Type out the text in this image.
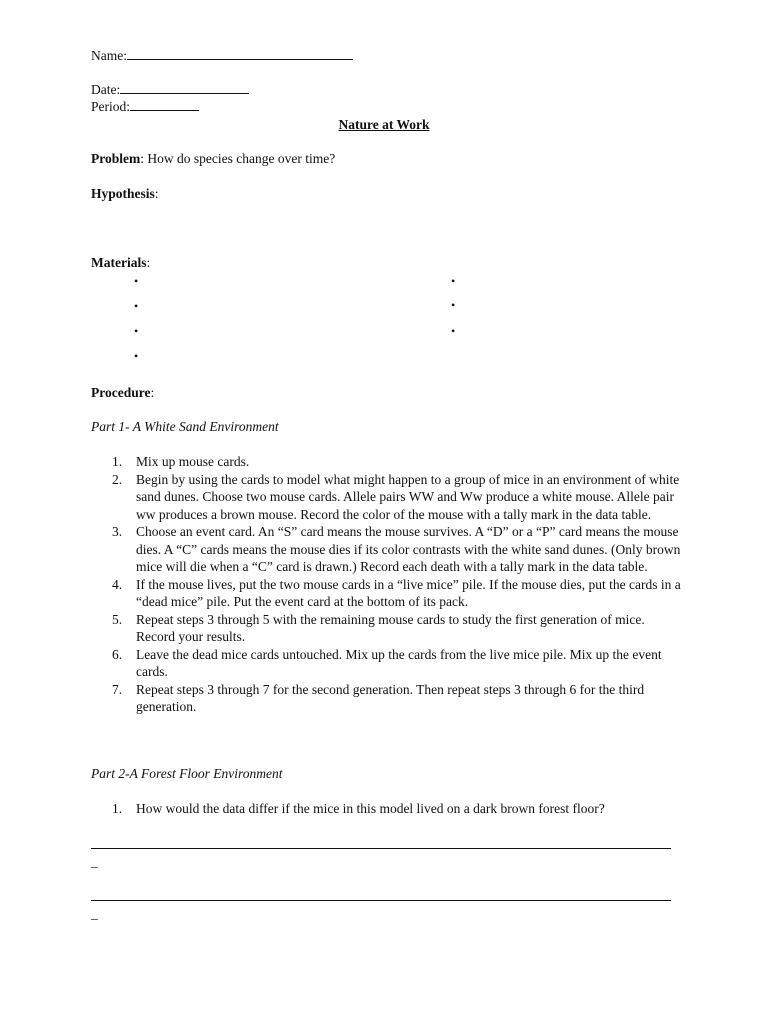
Name:
Date:
Period:
Nature at Work
Problem: How do species change over time?
Hypothesis:
Materials:
•
•
•
•
•
•
•
Procedure:
Part 1- A White Sand Environment
1. Mix up mouse cards.
2. Begin by using the cards to model what might happen to a group of mice in an environment of white sand dunes. Choose two mouse cards. Allele pairs WW and Ww produce a white mouse. Allele pair ww produces a brown mouse. Record the color of the mouse with a tally mark in the data table.
3. Choose an event card. An “S” card means the mouse survives. A “D” or a “P” card means the mouse dies. A “C” cards means the mouse dies if its color contrasts with the white sand dunes. (Only brown mice will die when a “C” card is drawn.) Record each death with a tally mark in the data table.
4. If the mouse lives, put the two mouse cards in a “live mice” pile. If the mouse dies, put the cards in a “dead mice” pile. Put the event card at the bottom of its pack.
5. Repeat steps 3 through 5 with the remaining mouse cards to study the first generation of mice. Record your results.
6. Leave the dead mice cards untouched. Mix up the cards from the live mice pile. Mix up the event cards.
7. Repeat steps 3 through 7 for the second generation. Then repeat steps 3 through 6 for the third generation.
Part 2-A Forest Floor Environment
1. How would the data differ if the mice in this model lived on a dark brown forest floor?
_
_
